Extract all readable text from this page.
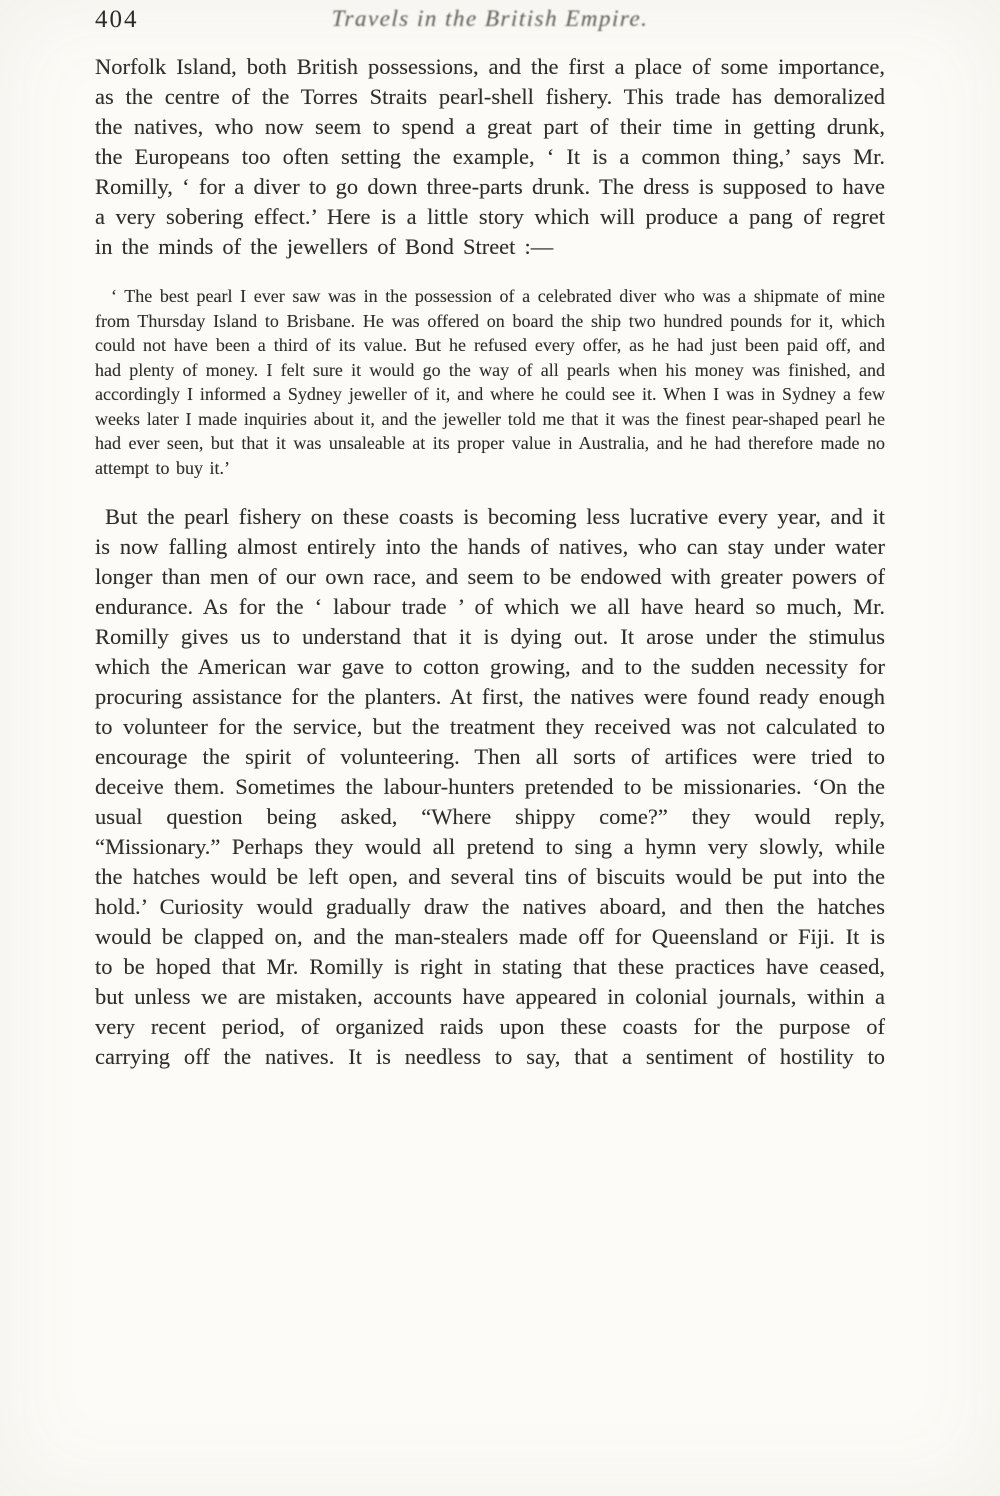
404	Travels in the British Empire.

Norfolk Island, both British possessions, and the first a place of some importance, as the centre of the Torres Straits pearl-shell fishery. This trade has demoralized the natives, who now seem to spend a great part of their time in getting drunk, the Europeans too often setting the example, ‘ It is a common thing,’ says Mr. Romilly, ‘ for a diver to go down three-parts drunk. The dress is supposed to have a very sobering effect.’ Here is a little story which will produce a pang of regret in the minds of the jewellers of Bond Street :—

‘ The best pearl I ever saw was in the possession of a celebrated diver who was a shipmate of mine from Thursday Island to Brisbane. He was offered on board the ship two hundred pounds for it, which could not have been a third of its value. But he refused every offer, as he had just been paid off, and had plenty of money. I felt sure it would go the way of all pearls when his money was finished, and accordingly I informed a Sydney jeweller of it, and where he could see it. When I was in Sydney a few weeks later I made inquiries about it, and the jeweller told me that it was the finest pear-shaped pearl he had ever seen, but that it was unsaleable at its proper value in Australia, and he had therefore made no attempt to buy it.’

But the pearl fishery on these coasts is becoming less lucrative every year, and it is now falling almost entirely into the hands of natives, who can stay under water longer than men of our own race, and seem to be endowed with greater powers of endurance. As for the ‘ labour trade ’ of which we all have heard so much, Mr. Romilly gives us to understand that it is dying out. It arose under the stimulus which the American war gave to cotton growing, and to the sudden necessity for procuring assistance for the planters. At first, the natives were found ready enough to volunteer for the service, but the treatment they received was not calculated to encourage the spirit of volunteering. Then all sorts of artifices were tried to deceive them. Sometimes the labour-hunters pretended to be missionaries. ‘On the usual question being asked, “Where shippy come?” they would reply, “Missionary.” Perhaps they would all pretend to sing a hymn very slowly, while the hatches would be left open, and several tins of biscuits would be put into the hold.’ Curiosity would gradually draw the natives aboard, and then the hatches would be clapped on, and the man-stealers made off for Queensland or Fiji. It is to be hoped that Mr. Romilly is right in stating that these practices have ceased, but unless we are mistaken, accounts have appeared in colonial journals, within a very recent period, of organized raids upon these coasts for the purpose of carrying off the natives. It is needless to say, that a sentiment of hostility to
